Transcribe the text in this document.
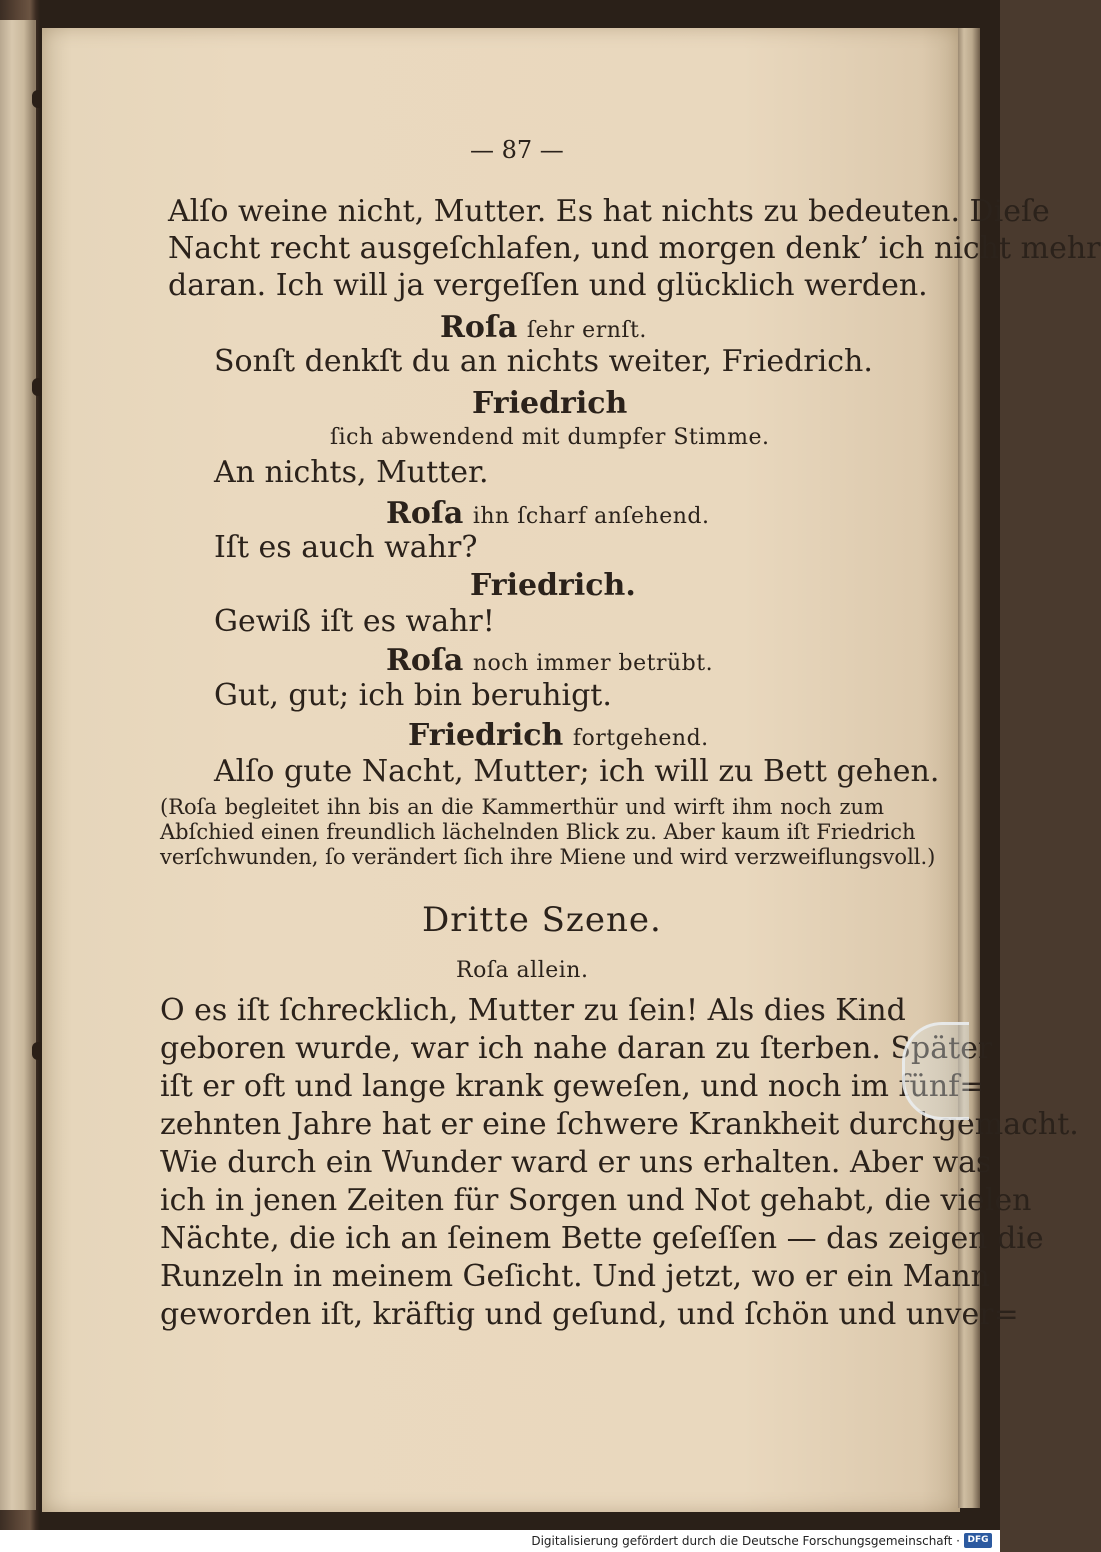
— 87 —
Alſo weine nicht, Mutter. Es hat nichts zu bedeuten. Dieſe
Nacht recht ausgeſchlafen, und morgen denk’ ich nicht mehr
daran. Ich will ja vergeſſen und glücklich werden.
Roſa ſehr ernſt.
Sonſt denkſt du an nichts weiter, Friedrich.
Friedrich
ſich abwendend mit dumpfer Stimme.
An nichts, Mutter.
Roſa ihn ſcharf anſehend.
Iſt es auch wahr?
Friedrich.
Gewiß iſt es wahr!
Roſa noch immer betrübt.
Gut, gut; ich bin beruhigt.
Friedrich fortgehend.
Alſo gute Nacht, Mutter; ich will zu Bett gehen.
(Roſa begleitet ihn bis an die Kammerthür und wirft ihm noch zum
Abſchied einen freundlich lächelnden Blick zu. Aber kaum iſt Friedrich
verſchwunden, ſo verändert ſich ihre Miene und wird verzweiflungsvoll.)
Dritte Szene.
Roſa allein.
O es iſt ſchrecklich, Mutter zu ſein! Als dies Kind
geboren wurde, war ich nahe daran zu ſterben. Später
iſt er oft und lange krank geweſen, und noch im fünf=
zehnten Jahre hat er eine ſchwere Krankheit durchgemacht.
Wie durch ein Wunder ward er uns erhalten. Aber was
ich in jenen Zeiten für Sorgen und Not gehabt, die vielen
Nächte, die ich an ſeinem Bette geſeſſen — das zeigen die
Runzeln in meinem Geſicht. Und jetzt, wo er ein Mann
geworden iſt, kräftig und geſund, und ſchön und unver=
Digitalisierung gefördert durch die Deutsche Forschungsgemeinschaft · DFG
